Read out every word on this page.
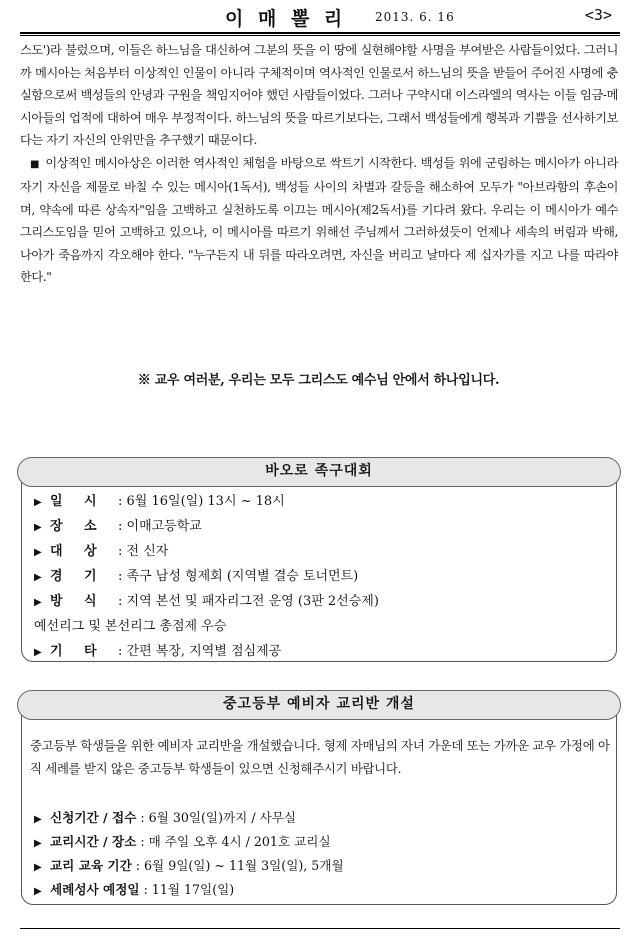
이 매 뽈 리 2013. 6. 16	<3>

스도')라 불렀으며, 이들은 하느님을 대신하여 그분의 뜻을 이 땅에 실현해야할 사명을 부여받은 사람들이었다. 그러니까 메시아는 처음부터 이상적인 인물이 아니라 구체적이며 역사적인 인물로서 하느님의 뜻을 받들어 주어진 사명에 충실함으로써 백성들의 안녕과 구원을 책임지어야 했던 사람들이었다. 그러나 구약시대 이스라엘의 역사는 이들 임금-메시아들의 업적에 대하여 매우 부정적이다. 하느님의 뜻을 따르기보다는, 그래서 백성들에게 행복과 기쁨을 선사하기보다는 자기 자신의 안위만을 추구했기 때문이다.

■ 이상적인 메시아상은 이러한 역사적인 체험을 바탕으로 싹트기 시작한다. 백성들 위에 군림하는 메시아가 아니라 자기 자신을 제물로 바칠 수 있는 메시아(1독서), 백성들 사이의 차별과 갈등을 해소하여 모두가 "아브라함의 후손이며, 약속에 따른 상속자"임을 고백하고 실천하도록 이끄는 메시아(제2독서)를 기다려 왔다. 우리는 이 메시아가 예수 그리스도임을 믿어 고백하고 있으나, 이 메시아를 따르기 위해선 주님께서 그러하셨듯이 언제나 세속의 버림과 박해, 나아가 죽음까지 각오해야 한다. "누구든지 내 뒤를 따라오려면, 자신을 버리고 날마다 제 십자가를 지고 나를 따라야 한다."

※ 교우 여러분, 우리는 모두 그리스도 예수님 안에서 하나입니다.
▶ 일 시 : 6월 16일(일) 13시 ~ 18시
▶ 장 소 : 이매고등학교
▶ 대 상 : 전 신자
▶ 경 기 : 족구 남성 형제회 (지역별 결승 토너먼트)
▶ 방 식 : 지역 본선 및 패자리그전 운영 (3판 2선승제)
예선리그 및 본선리그 총점제 우승
▶ 기 타 : 간편 복장, 지역별 점심제공
바오로 족구대회
중고등부 학생들을 위한 예비자 교리반을 개설했습니다. 형제 자매님의 자녀 가운데 또는 가까운 교우 가정에 아직 세례를 받지 않은 중고등부 학생들이 있으면 신청해주시기 바랍니다.
▶ 신청기간 / 접수 : 6월 30일(일)까지 / 사무실
▶ 교리시간 / 장소 : 매 주일 오후 4시 / 201호 교리실
▶ 교리 교육 기간 : 6월 9일(일) ~ 11월 3일(일), 5개월
▶ 세례성사 예정일 : 11월 17일(일)
중고등부 예비자 교리반 개설
